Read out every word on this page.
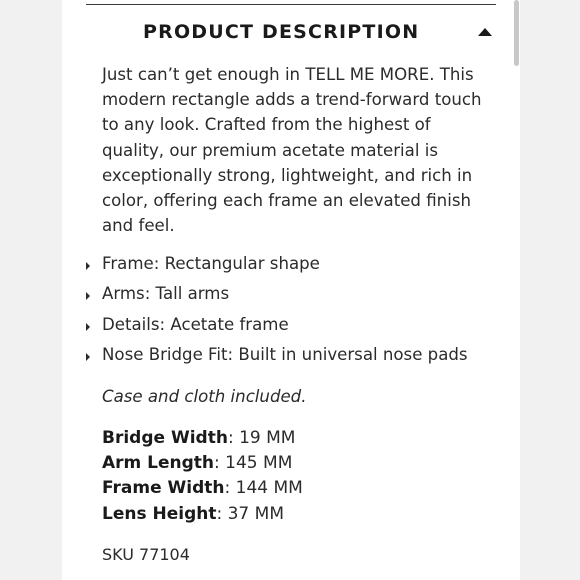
PRODUCT DESCRIPTION
Just can’t get enough in TELL ME MORE. This modern rectangle adds a trend-forward touch to any look. Crafted from the highest of quality, our premium acetate material is exceptionally strong, lightweight, and rich in color, offering each frame an elevated finish and feel.
Frame: Rectangular shape
Arms: Tall arms
Details: Acetate frame
Nose Bridge Fit: Built in universal nose pads
Case and cloth included.
Bridge Width: 19 MM
Arm Length: 145 MM
Frame Width: 144 MM
Lens Height: 37 MM
SKU 77104
